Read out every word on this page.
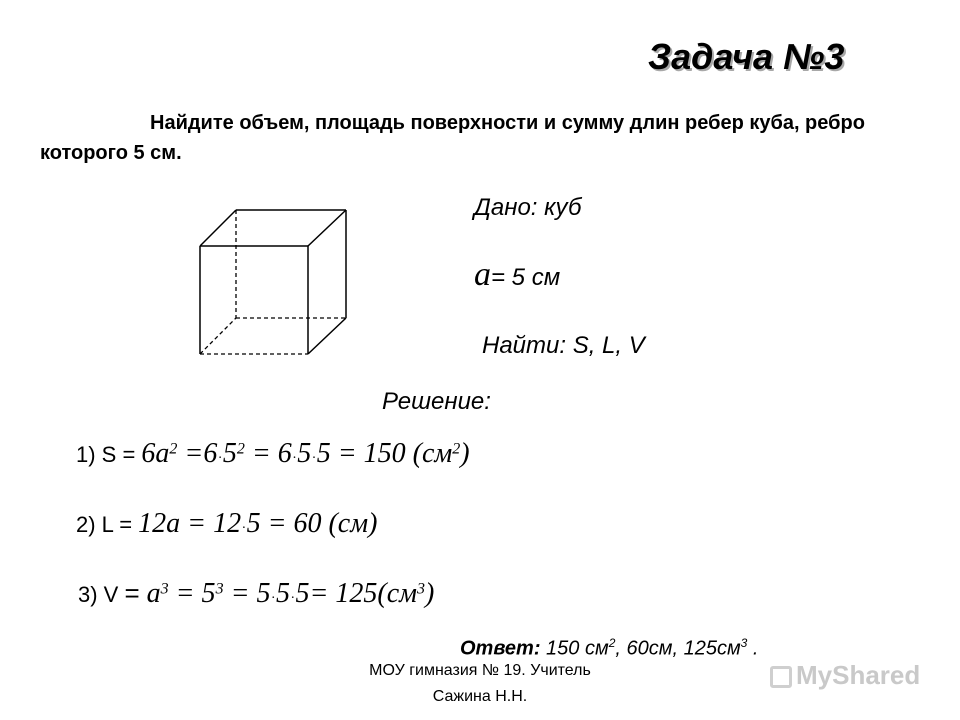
Задача №3
Найдите объем, площадь поверхности и сумму длин ребер куба, ребро которого 5 см.
Дано: куб
а= 5 см
Найти: S, L, V
Решение:
1) $S = 6a^2 =6.5^2 = 6.5.5 = 150$ $(см^2)$
2) L = 12a = 12.5 = 60 (см)
3) $V = a^3 = 5^3 = 5.5.5= 125(см^3)$
Ответ: 150 $см^2$, 60см, $125см^3$ .
МОУ гимназия № 19. Учитель Сажина Н.Н.
MyShared
